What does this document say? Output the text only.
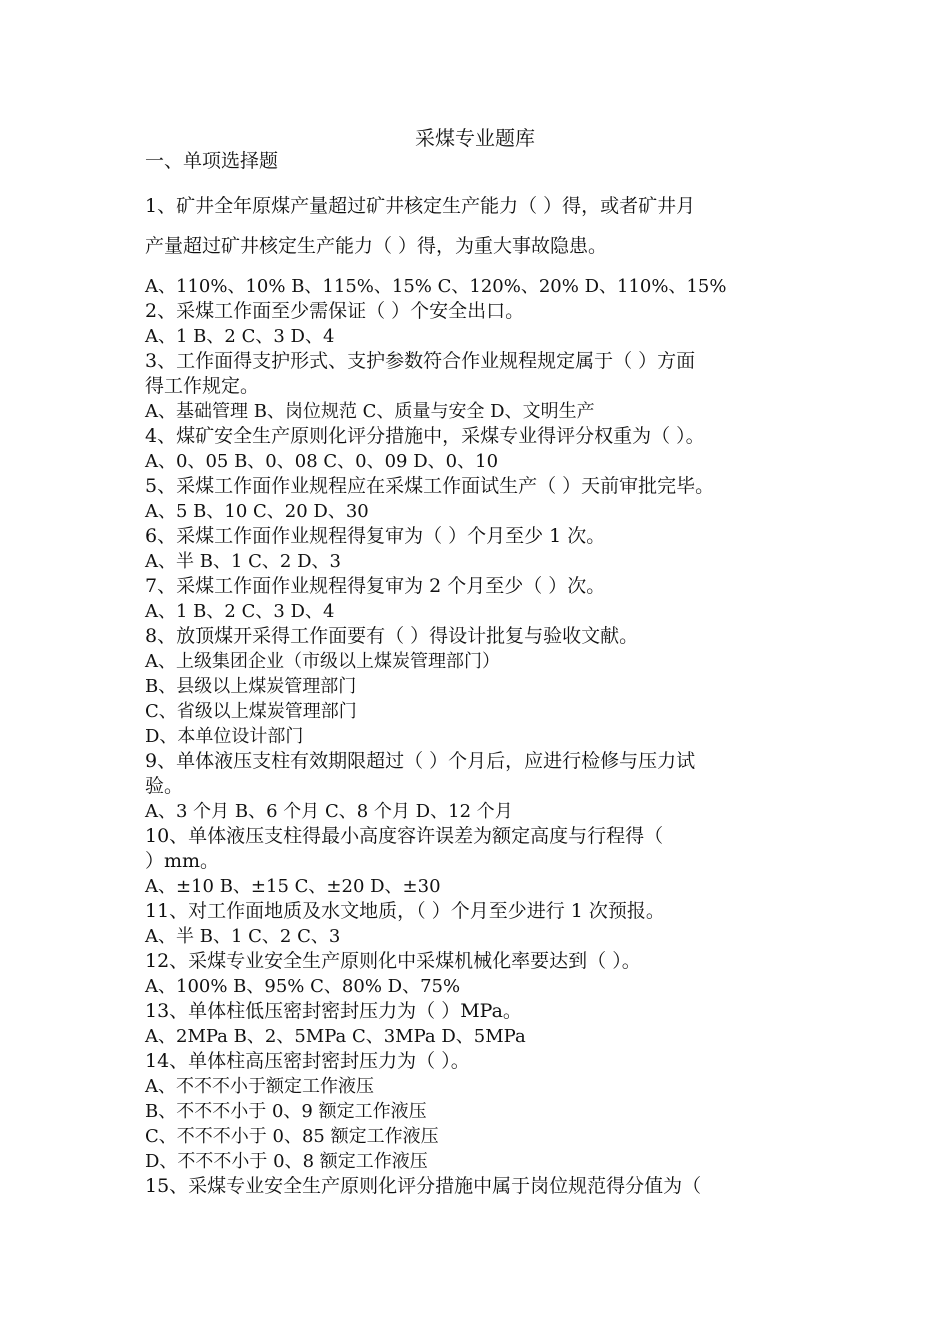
采煤专业题库
一、单项选择题
1、矿井全年原煤产量超过矿井核定生产能力（ ）得，或者矿井月
产量超过矿井核定生产能力（ ）得，为重大事故隐患。
A、110%、10% B、115%、15% C、120%、20% D、110%、15%
2、采煤工作面至少需保证（ ）个安全出口。
A、1 B、2 C、3 D、4
3、工作面得支护形式、支护参数符合作业规程规定属于（ ）方面
得工作规定。
A、基础管理 B、岗位规范 C、质量与安全 D、文明生产
4、煤矿安全生产原则化评分措施中，采煤专业得评分权重为（ ）。
A、0、05 B、0、08 C、0、09 D、0、10
5、采煤工作面作业规程应在采煤工作面试生产（ ）天前审批完毕。
A、5 B、10 C、20 D、30
6、采煤工作面作业规程得复审为（ ）个月至少 1 次。
A、半 B、1 C、2 D、3
7、采煤工作面作业规程得复审为 2 个月至少（ ）次。
A、1 B、2 C、3 D、4
8、放顶煤开采得工作面要有（ ）得设计批复与验收文献。
A、上级集团企业（市级以上煤炭管理部门）
B、县级以上煤炭管理部门
C、省级以上煤炭管理部门
D、本单位设计部门
9、单体液压支柱有效期限超过（ ）个月后，应进行检修与压力试
验。
A、3 个月 B、6 个月 C、8 个月 D、12 个月
10、单体液压支柱得最小高度容许误差为额定高度与行程得（
）mm。
A、±10 B、±15 C、±20 D、±30
11、对工作面地质及水文地质，（ ）个月至少进行 1 次预报。
A、半 B、1 C、2 C、3
12、采煤专业安全生产原则化中采煤机械化率要达到（ ）。
A、100% B、95% C、80% D、75%
13、单体柱低压密封密封压力为（ ）MPa。
A、2MPa B、2、5MPa C、3MPa D、5MPa
14、单体柱高压密封密封压力为（ ）。
A、不不不小于额定工作液压
B、不不不小于 0、9 额定工作液压
C、不不不小于 0、85 额定工作液压
D、不不不小于 0、8 额定工作液压
15、采煤专业安全生产原则化评分措施中属于岗位规范得分值为（
